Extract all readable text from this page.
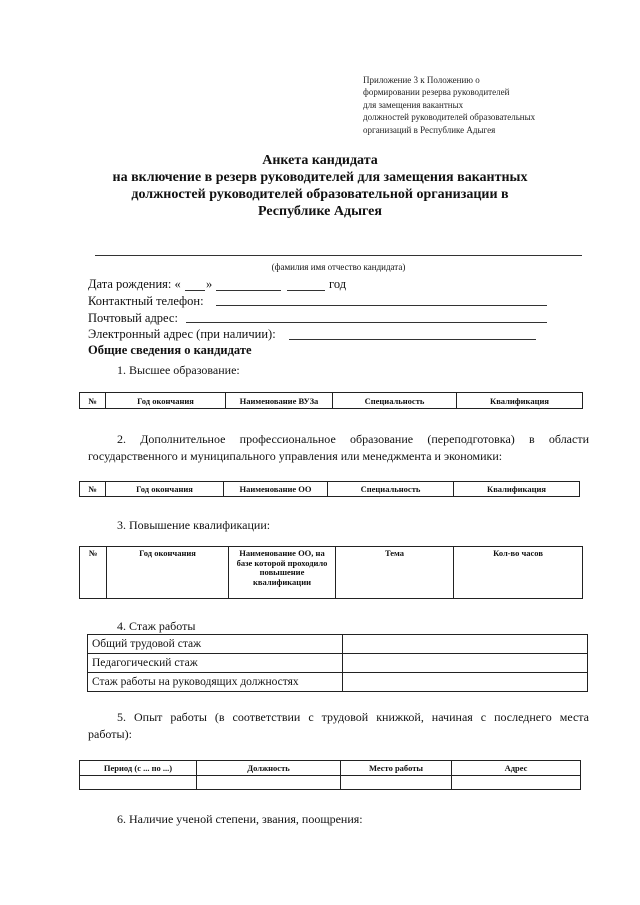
Приложение 3 к Положению о
формировании резерва руководителей
для замещения вакантных
должностей руководителей образовательных
организаций в Республике Адыгея
Анкета кандидата
на включение в резерв руководителей для замещения вакантных
должностей руководителей образовательной организации в
Республике Адыгея
(фамилия имя отчество кандидата)
Дата рождения: « »	год
Контактный телефон:
Почтовый адрес:
Электронный адрес (при наличии):
Общие сведения о кандидате
1. Высшее образование:
№	Год окончания	Наименование ВУЗа	Специальность	Квалификация
2. Дополнительное профессиональное образование (переподготовка) в области
государственного и муниципального управления или менеджмента и экономики:
№	Год окончания	Наименование ОО	Специальность	Квалификация
3. Повышение квалификации:
№	Год окончания	Наименование ОО, на базе которой проходило повышение квалификации	Тема	Кол-во часов
4. Стаж работы
Общий трудовой стаж	
Педагогический стаж	
Стаж работы на руководящих должностях	
5. Опыт работы (в соответствии с трудовой книжкой, начиная с последнего места
работы):
Период (с ... по ...)	Должность	Место работы	Адрес

6. Наличие ученой степени, звания, поощрения:
